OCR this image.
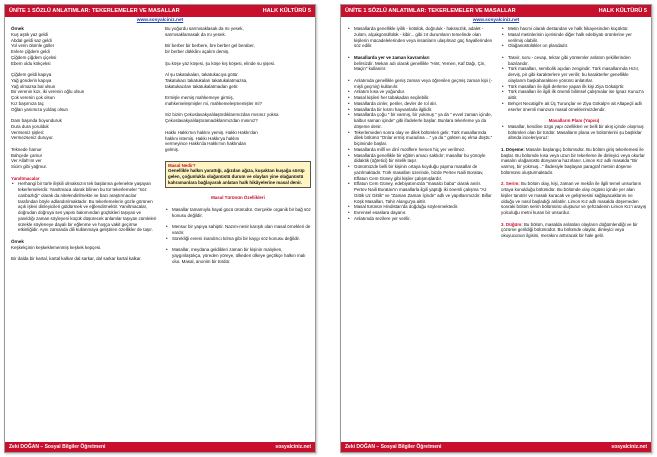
ÜNİTE 1 SÖZLÜ ANLATIMLAR: TEKERLEMELER VE MASALLAR	HALK KÜLTÜRÜ 5
www.sosyalciniz.net

Örnek

Kuş aştık yaz geldi

Abdal geldi saz geldi

Yol verin ölümle güller

Evlere çiğdem geldi

Çiğdem çiğdem çiçeksi

Ebem oldu kökçeksi

Çiğdem geldi kapıya

Yağ gönderin kapıya

Yağ olmazsa bal olsun

Bir verenin kızı, iki verenin oğlu olsun

Çok verenin çok olsun

Kız başımıza taç

Oğlan yanımıza yoldaş olsun

Dam başında boyunduruk

Dura dura yorulduk

Verirseniz şişleri:

Vermezseniz duruyor.

Teknede hamur

Bahçede çamur

Ver Allah'ım ver

Sicim gibi yağmur.

Yanıltmacalar

• Herhangi bir türle ilişkili olmaksızın tek başlarına gelenekte yaşayan tekerlemelerdir. Yanıltmaca olarak bilinen bu tür tekerlemeler "söz canbazlığı" olarak da nitelendirilmekte ve bazı araştırmacılar tarafından böyle adlandırılmaktadır. Bu tekerlemelerin gözle görünen açık işlevi dinleyicileri güldürmek ve eğlendirmektir. Yanıltmacalar, doğrudan doğruya ses yapısı bakımından güçlükleri taşıyan ve yanıldığı zaman söyleyeni küçük düşürecek anlamlar taşıyan cümleleri sürekle söyleneye dayalı bir eğlenme ve hoşça vakit geçirme etkinliğidir. Aynı zamanda dili kullanmaya geliştiren özellikler de taşır.

Örnek

Keşkekçinin keşkeklemenmiş keşkek kepçesi.

Bir dalda bir kartal, kartal kalkar dal sarkar, dal sarkar kartal kalkar.

Bu yoğurdu sarmısaklasak da mı yesek,

sarmısaklamasak da mı yesek.

Bir berber bir berbere, bre berber gel beraber,

bir berber dükkânı açalım demiş.

Şu köşe yaz köşesi, şu köşe kış köşesi, elinde su şişesi.

Al şu takatukaları, takatukacıya götür.

Takatukacı takatukaları takatukalatmazsa,

takatukacıları takatukalatmadan getir.

Ermişle memiş mahkemeye girmiş,

mahkemeleşmişler mi, mahkemeleşmemişler mi?

Siz bizim Çekoslavakyalılaştırdıklarımızdan mısınız yoksa

Çekoslavakyalılaştıramadıklarımızdan mısınız?

Hakkı Hakkı'nın haklını yemiş. Hakkı Hakkı'dan

haklını istemiş. Hakkı Hakkı'ya haklını

vermeyince Hakkı'da Hakkı'nın haklından

gelmiş.

Masal Nedir?

Genellikle halkın yarattığı, ağızdan ağıza, kuşaktan kuşağa sürüp gelen, çoğunlukla olağanüstü durum ve olayları yine olağanüstü kahramanlara bağlayarak anlatan halk hikâyelerine masal denir.

Masal Türünün Özellikleri

• Masallar tamamıyla hayal gücü ürünüdür. Gerçekle organik bir bağ söz konusu değildir.

• Mensur bir yapıya sahiptir. Nazım-nesir karışık olan masal örnekleri de vardır.

• Sürekliği evreni inandırıcı kılma gibi bir kaygı söz konusu değildir.

• Masallar, meydana geldikleri zaman bir kişinin malıyken, yaygınlaştıkça, yöreden yöreye, ülkeden ülkeye geçtikçe halkın malı olur. Masal, anonim bir türdür.

Zeki DOĞAN – Sosyal Bilgiler Öğretmeni	sosyalciniz.net
ÜNİTE 1 SÖZLÜ ANLATIMLAR: TEKERLEMELER VE MASALLAR	HALK KÜLTÜRÜ 5
www.sosyalciniz.net

• Masallarda genellikle iyilik - kötülük, doğruluk - hakssızlık, adalet - zulüm, alçakgönüllülük - kibir... gibi zıt durumların temelinde olan kişilerin mücadelelerinden veya insanların ulaşılmaz güç hayallerinden söz edilir.

• Masallarda yer ve zaman kavramları

belirsizdir. Mekan adı olarak genellikle "Hint, Yemen, Kaf Dağı, Çin, Maçin" kullanılır.

• Anlatımda genellikle geniş zaman veya öğrenilen geçmiş zaman kipi (-mişli geçmiş) kullanılır.

• Anlatım kısa ve yoğundur.

• Masal kişileri her tabakadan seçilebilir.

• Masallarda cinler, periler, devler de rol alır.

• Masallarda bir kısmı hayvanlarla ilgilidir.

• Masallarda çoğu " bir varmış, bir yokmuş " ya da " evvel zaman içinde, kalbur saman içinde" gibi ifadelerle başlar. Bunlara tekerleme ya da döşeme denir.

• Tekerlemeden sonra olay ve dilek bölümleri gelir. Türk masallarında dilek bölümü "Onlar ermiş muradına ..." ya da " gökten üç elma düştü." biçiminde başlar.

• Masallarda millî ve dinî motiflere hemen hiç yer verilmez.

• Masallarda genellikle bir eğitim amacı saklıdır; masallar bu yönüyle didaktik (öğretici) bir nitelik taşır.

• Günümüzde belli bir kişinin ortaya koyduğu yapma masallar de yazılmaktadır. Türk masalları üzerinde, bizde Pertev Naili Boratav, Eflatun Cem Güney gibi kişiler çalışmışlardır.

• Eflatun Cem Güney, edebiyatımızda "masalcı baba" olarak anılır. Pertev Naili Boratav'ın masallarla ilgili yaptığı iki önemli çalışma "Az Gittik Uz Gittik" ve "Zaman Zaman İçinde" adlı ve yapıtlarımızdır. Billur Köşk Masalları, Tahir Alangu'ya aittir.

• Masal türünün Hindistan'da doğduğu söylenmektedir.

• Evrensel esaslara dayanır.

• Anlatımda sezilere yer verilir.

• Metin hacmi olarak destandan ve halk hikayesinden küçüktür.

• Masal metinlerinin içerisinde diğer halk edebiyatı ürünlerine yer verilmiş olabilir.

• Olağanüstülükler on plandadır.

• Tasvir, soru - cevap, tekrar gibi yöntemler anlatım şekillerinden bazılarıdır.

• Türk masalları, sembolik açıdan zengindir. Türk masallarında Hızır, derviş, pir gibi karakterlere yer verilir; bu karakterler genellikle olaylarım başkaharaktere yönünü anlatırlar.

• Türk masalları ile ilgili derleme yapan ilk kişi Ziya Gökalp'tir.

• Türk masalları ile ilgili ilk önemli bilimsel çalışmalar ise İgnaz Kunoz'a aittir.

• Behçet Necatigil'e ait Üç Turunçlar ve Ziya Gökalp'e ait Altapeçli adlı eserler önemli manzum masal örneklerimizdendir.

Masalların Planı (Yapısı)

• Masallar, kendine özgü yapı özellikleri ve belli bir akış içinde oluşmuş bölümleri olan bir türdür. Masalların plana ve bölümlerini şu başlıklar altında inceleriyoruz:

1. Döşeme: Masalın başlangıç bölümüdür. Bu bölüm giriş tekerlemesi ile başlar. Bu bölümde kısa veya uzun bir tekerleme ile dinleyici veya okurlar masalın olağanüstü dünyasına hazırlanır. Limon Kız adlı masalda "Bir varmış, bir yokmuş..." ifadesiyle başlayan paragraf metnin döşeme bölümünü oluşturmaktadır.

2. Serim: Bu bölüm olay, kişi, zaman ve mekân ile ilgili temel unsurların ortaya konulduğu bölümdür. Bu bölümde olay örgüsü içinde yer alan kişiler tanıtılır ve masalı kuracak ve gelişmesini sağlayacaklarını ne olduğu ve nasıl başladığı anlatılır. Limon Kız adlı masalda döşemeden sonraki bölüm serim bölümünü oluşturur ve şehzadenin Limon Kız'ı arayış yolculuğu metni kuran bir unsurdur.

3. Düğüm: Bu bölüm, masalda anlatılan olayların düğümlendiği ve bir çözüme gerildiği bölümüdür. Bu bölümde olaylar, dinleyici veya okuyucunun ilgisini, merakını arttıracak bir hale gelir.

Zeki DOĞAN – Sosyal Bilgiler Öğretmeni	sosyalciniz.net
